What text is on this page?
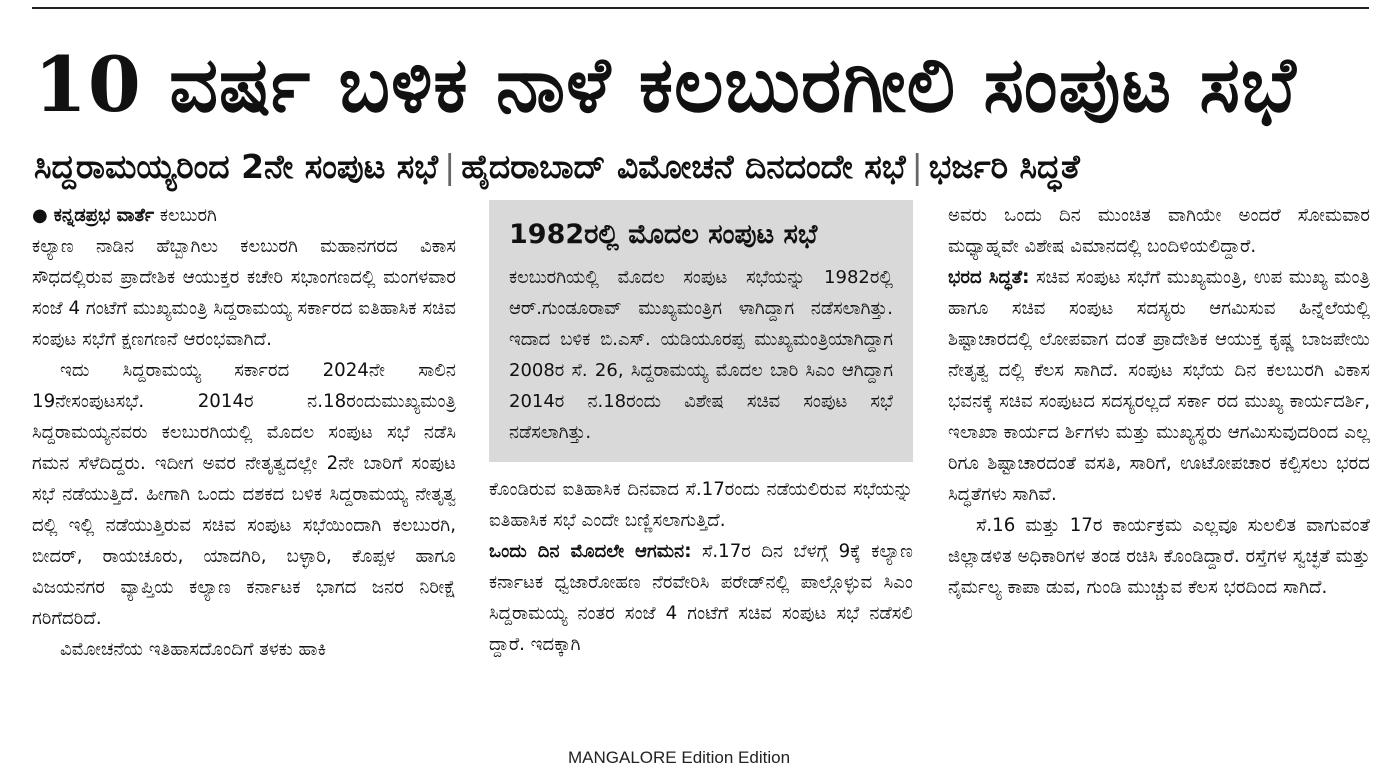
10 ವರ್ಷ ಬಳಿಕ ನಾಳೆ ಕಲಬುರಗೀಲಿ ಸಂಪುಟ ಸಭೆ
ಸಿದ್ದರಾಮಯ್ಯರಿಂದ 2ನೇ ಸಂಪುಟ ಸಭೆ | ಹೈದರಾಬಾದ್ ವಿಮೋಚನೆ ದಿನದಂದೇ ಸಭೆ | ಭರ್ಜರಿ ಸಿದ್ಧತೆ

● ಕನ್ನಡಪ್ರಭ ವಾರ್ತೆ ಕಲಬುರಗಿ

ಕಲ್ಯಾಣ ನಾಡಿನ ಹೆಬ್ಬಾಗಿಲು ಕಲಬುರಗಿ ಮಹಾನಗರದ ವಿಕಾಸ ಸೌಧದಲ್ಲಿರುವ ಪ್ರಾದೇಶಿಕ ಆಯುಕ್ತರ ಕಚೇರಿ ಸಭಾಂಗಣದಲ್ಲಿ ಮಂಗಳವಾರ ಸಂಜೆ 4 ಗಂಟೆಗೆ ಮುಖ್ಯಮಂತ್ರಿ ಸಿದ್ದರಾಮಯ್ಯ ಸರ್ಕಾರದ ಐತಿಹಾಸಿಕ ಸಚಿವ ಸಂಪುಟ ಸಭೆಗೆ ಕ್ಷಣಗಣನೆ ಆರಂಭವಾಗಿದೆ.

ಇದು ಸಿದ್ದರಾಮಯ್ಯ ಸರ್ಕಾರದ 2024ನೇ ಸಾಲಿನ 19ನೇಸಂಪುಟಸಭೆ. 2014ರ ನ.18ರಂದುಮುಖ್ಯಮಂತ್ರಿ ಸಿದ್ದರಾಮಯ್ಯನವರು ಕಲಬುರಗಿಯಲ್ಲಿ ಮೊದಲ ಸಂಪುಟ ಸಭೆ ನಡೆಸಿ ಗಮನ ಸೆಳೆದಿದ್ದರು. ಇದೀಗ ಅವರ ನೇತೃತ್ವದಲ್ಲೇ 2ನೇ ಬಾರಿಗೆ ಸಂಪುಟ ಸಭೆ ನಡೆಯುತ್ತಿದೆ. ಹೀಗಾಗಿ ಒಂದು ದಶಕದ ಬಳಿಕ ಸಿದ್ದರಾಮಯ್ಯ ನೇತೃತ್ವ ದಲ್ಲಿ ಇಲ್ಲಿ ನಡೆಯುತ್ತಿರುವ ಸಚಿವ ಸಂಪುಟ ಸಭೆಯಿಂದಾಗಿ ಕಲಬುರಗಿ, ಬೀದರ್, ರಾಯಚೂರು, ಯಾದಗಿರಿ, ಬಳ್ಳಾರಿ, ಕೊಪ್ಪಳ ಹಾಗೂ ವಿಜಯನಗರ ವ್ಯಾಪ್ತಿಯ ಕಲ್ಯಾಣ ಕರ್ನಾಟಕ ಭಾಗದ ಜನರ ನಿರೀಕ್ಷೆ ಗರಿಗೆದರಿದೆ.

ವಿಮೋಚನೆಯ ಇತಿಹಾಸದೊಂದಿಗೆ ತಳಕು ಹಾಕಿ

1982ರಲ್ಲಿ ಮೊದಲ ಸಂಪುಟ ಸಭೆ
ಕಲಬುರಗಿಯಲ್ಲಿ ಮೊದಲ ಸಂಪುಟ ಸಭೆಯನ್ನು 1982ರಲ್ಲಿ ಆರ್.ಗುಂಡೂರಾವ್ ಮುಖ್ಯಮಂತ್ರಿಗ ಳಾಗಿದ್ದಾಗ ನಡೆಸಲಾಗಿತ್ತು. ಇದಾದ ಬಳಿಕ ಬಿ.ಎಸ್. ಯಡಿಯೂರಪ್ಪ ಮುಖ್ಯಮಂತ್ರಿಯಾಗಿದ್ದಾಗ 2008ರ ಸೆ. 26, ಸಿದ್ದರಾಮಯ್ಯ ಮೊದಲ ಬಾರಿ ಸಿಎಂ ಆಗಿದ್ದಾಗ 2014ರ ನ.18ರಂದು ವಿಶೇಷ ಸಚಿವ ಸಂಪುಟ ಸಭೆ ನಡೆಸಲಾಗಿತ್ತು.

ಕೊಂಡಿರುವ ಐತಿಹಾಸಿಕ ದಿನವಾದ ಸೆ.17ರಂದು ನಡೆಯಲಿರುವ ಸಭೆಯನ್ನು ಐತಿಹಾಸಿಕ ಸಭೆ ಎಂದೇ ಬಣ್ಣಿಸಲಾಗುತ್ತಿದೆ.

ಒಂದು ದಿನ ಮೊದಲೇ ಆಗಮನ: ಸೆ.17ರ ದಿನ ಬೆಳಗ್ಗೆ 9ಕ್ಕೆ ಕಲ್ಯಾಣ ಕರ್ನಾಟಕ ಧ್ವಜಾರೋಹಣ ನೆರವೇರಿಸಿ ಪರೇಡ್‌ನಲ್ಲಿ ಪಾಲ್ಗೊಳ್ಳುವ ಸಿಎಂ ಸಿದ್ದರಾಮಯ್ಯ ನಂತರ ಸಂಜೆ 4 ಗಂಟೆಗೆ ಸಚಿವ ಸಂಪುಟ ಸಭೆ ನಡೆಸಲಿ ದ್ದಾರೆ. ಇದಕ್ಕಾಗಿ

ಅವರು ಒಂದು ದಿನ ಮುಂಚಿತ ವಾಗಿಯೇ ಅಂದರೆ ಸೋಮವಾರ ಮಧ್ಯಾಹ್ನವೇ ವಿಶೇಷ ವಿಮಾನದಲ್ಲಿ ಬಂದಿಳಿಯಲಿದ್ದಾರೆ.

ಭರದ ಸಿದ್ಧತೆ: ಸಚಿವ ಸಂಪುಟ ಸಭೆಗೆ ಮುಖ್ಯಮಂತ್ರಿ, ಉಪ ಮುಖ್ಯ ಮಂತ್ರಿ ಹಾಗೂ ಸಚಿವ ಸಂಪುಟ ಸದಸ್ಯರು ಆಗಮಿಸುವ ಹಿನ್ನೆಲೆಯಲ್ಲಿ ಶಿಷ್ಟಾಚಾರದಲ್ಲಿ ಲೋಪವಾಗ ದಂತೆ ಪ್ರಾದೇಶಿಕ ಆಯುಕ್ತ ಕೃಷ್ಣ ಬಾಜಪೇಯಿ ನೇತೃತ್ವ ದಲ್ಲಿ ಕೆಲಸ ಸಾಗಿದೆ. ಸಂಪುಟ ಸಭೆಯ ದಿನ ಕಲಬುರಗಿ ವಿಕಾಸ ಭವನಕ್ಕೆ ಸಚಿವ ಸಂಪುಟದ ಸದಸ್ಯರಲ್ಲದೆ ಸರ್ಕಾ ರದ ಮುಖ್ಯ ಕಾರ್ಯದರ್ಶಿ, ಇಲಾಖಾ ಕಾರ್ಯದ ರ್ಶಿಗಳು ಮತ್ತು ಮುಖ್ಯಸ್ಥರು ಆಗಮಿಸುವುದರಿಂದ ಎಲ್ಲ ರಿಗೂ ಶಿಷ್ಟಾಚಾರದಂತೆ ವಸತಿ, ಸಾರಿಗೆ, ಊಟೋಪಚಾರ ಕಲ್ಪಿಸಲು ಭರದ ಸಿದ್ಧತೆಗಳು ಸಾಗಿವೆ.

ಸೆ.16 ಮತ್ತು 17ರ ಕಾರ್ಯಕ್ರಮ ಎಲ್ಲವೂ ಸುಲಲಿತ ವಾಗುವಂತೆ ಜಿಲ್ಲಾಡಳಿತ ಅಧಿಕಾರಿಗಳ ತಂಡ ರಚಿಸಿ ಕೊಂಡಿದ್ದಾರೆ. ರಸ್ತೆಗಳ ಸ್ವಚ್ಛತೆ ಮತ್ತು ನೈರ್ಮಲ್ಯ ಕಾಪಾ ಡುವ, ಗುಂಡಿ ಮುಚ್ಚುವ ಕೆಲಸ ಭರದಿಂದ ಸಾಗಿದೆ.

MANGALORE Edition Edition
